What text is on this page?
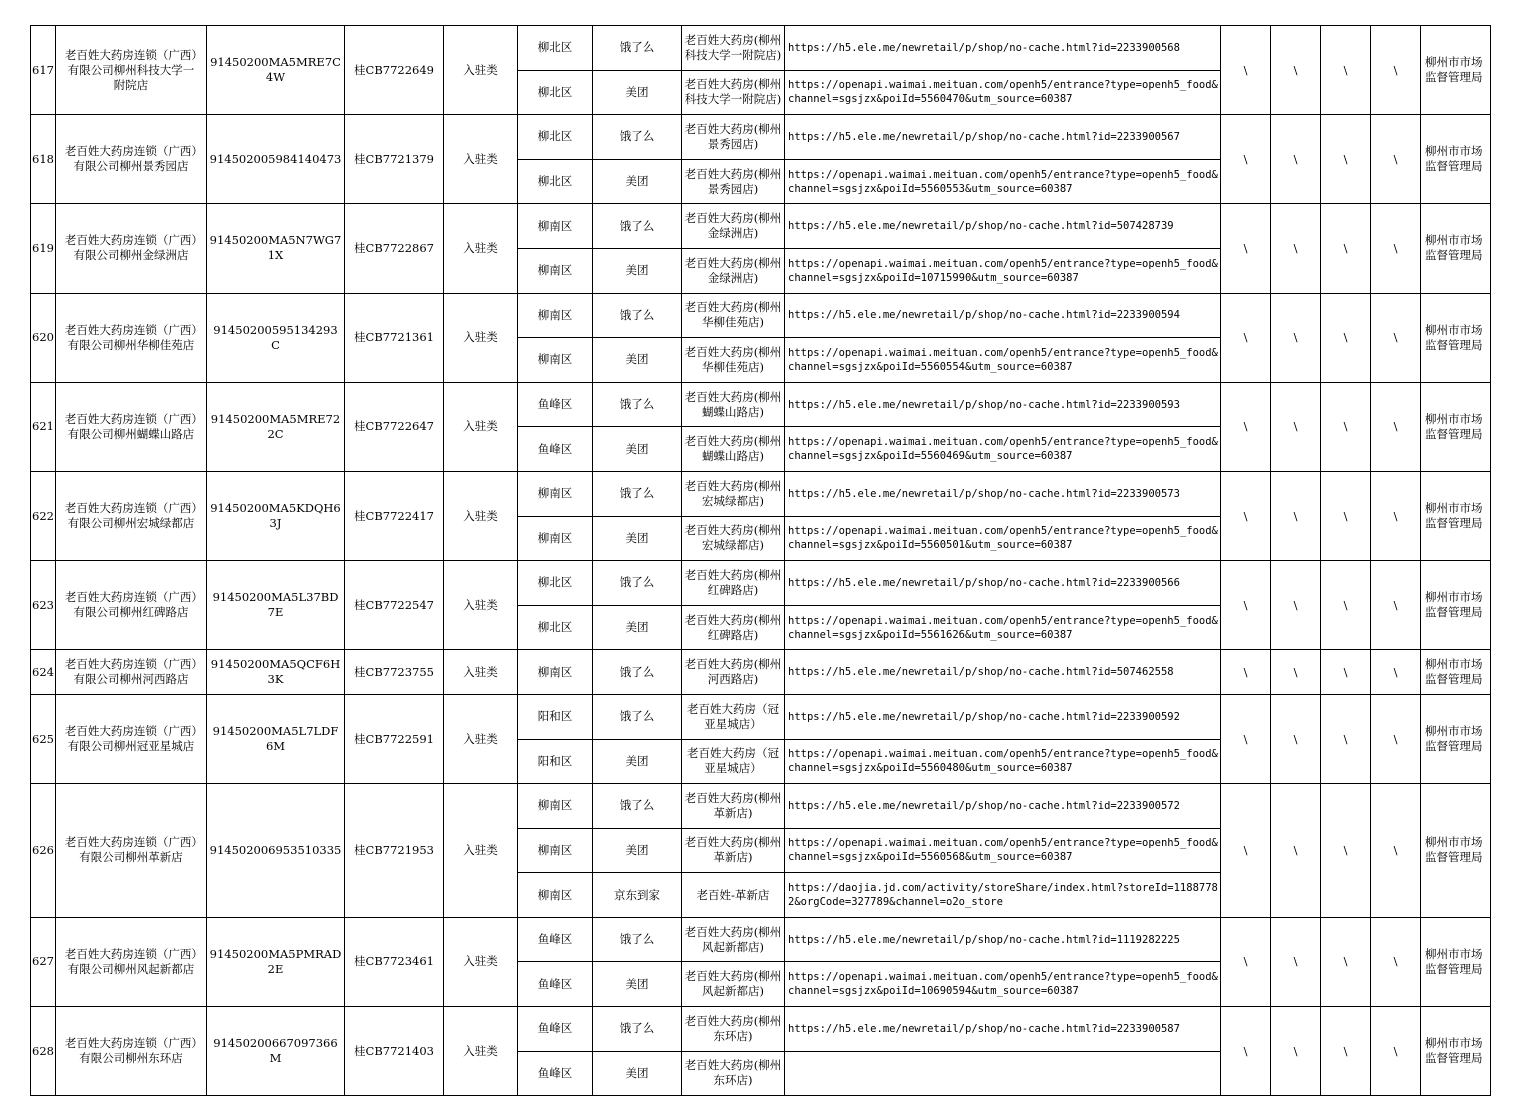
617	老百姓大药房连锁（广西）有限公司柳州科技大学一附院店	91450200MA5MRE7C4W	桂CB7722649	入驻类	柳北区	饿了么	老百姓大药房(柳州科技大学一附院店)	https://h5.ele.me/newretail/p/shop/no-cache.html?id=2233900568	\	\	\	\	柳州市市场监督管理局
					柳北区	美团	老百姓大药房(柳州科技大学一附院店)	https://openapi.waimai.meituan.com/openh5/entrance?type=openh5_food&channel=sgsjzx&poiId=5560470&utm_source=60387					
618	老百姓大药房连锁（广西）有限公司柳州景秀园店	914502005984140473	桂CB7721379	入驻类	柳北区	饿了么	老百姓大药房(柳州景秀园店)	https://h5.ele.me/newretail/p/shop/no-cache.html?id=2233900567	\	\	\	\	柳州市市场监督管理局
					柳北区	美团	老百姓大药房(柳州景秀园店)	https://openapi.waimai.meituan.com/openh5/entrance?type=openh5_food&channel=sgsjzx&poiId=5560553&utm_source=60387					
619	老百姓大药房连锁（广西）有限公司柳州金绿洲店	91450200MA5N7WG71X	桂CB7722867	入驻类	柳南区	饿了么	老百姓大药房(柳州金绿洲店)	https://h5.ele.me/newretail/p/shop/no-cache.html?id=507428739	\	\	\	\	柳州市市场监督管理局
					柳南区	美团	老百姓大药房(柳州金绿洲店)	https://openapi.waimai.meituan.com/openh5/entrance?type=openh5_food&channel=sgsjzx&poiId=10715990&utm_source=60387					
620	老百姓大药房连锁（广西）有限公司柳州华柳佳苑店	91450200595134293C	桂CB7721361	入驻类	柳南区	饿了么	老百姓大药房(柳州华柳佳苑店)	https://h5.ele.me/newretail/p/shop/no-cache.html?id=2233900594	\	\	\	\	柳州市市场监督管理局
					柳南区	美团	老百姓大药房(柳州华柳佳苑店)	https://openapi.waimai.meituan.com/openh5/entrance?type=openh5_food&channel=sgsjzx&poiId=5560554&utm_source=60387					
621	老百姓大药房连锁（广西）有限公司柳州蝴蝶山路店	91450200MA5MRE722C	桂CB7722647	入驻类	鱼峰区	饿了么	老百姓大药房(柳州蝴蝶山路店)	https://h5.ele.me/newretail/p/shop/no-cache.html?id=2233900593	\	\	\	\	柳州市市场监督管理局
					鱼峰区	美团	老百姓大药房(柳州蝴蝶山路店)	https://openapi.waimai.meituan.com/openh5/entrance?type=openh5_food&channel=sgsjzx&poiId=5560469&utm_source=60387					
622	老百姓大药房连锁（广西）有限公司柳州宏城绿都店	91450200MA5KDQH63J	桂CB7722417	入驻类	柳南区	饿了么	老百姓大药房(柳州宏城绿都店)	https://h5.ele.me/newretail/p/shop/no-cache.html?id=2233900573	\	\	\	\	柳州市市场监督管理局
					柳南区	美团	老百姓大药房(柳州宏城绿都店)	https://openapi.waimai.meituan.com/openh5/entrance?type=openh5_food&channel=sgsjzx&poiId=5560501&utm_source=60387					
623	老百姓大药房连锁（广西）有限公司柳州红碑路店	91450200MA5L37BD7E	桂CB7722547	入驻类	柳北区	饿了么	老百姓大药房(柳州红碑路店)	https://h5.ele.me/newretail/p/shop/no-cache.html?id=2233900566	\	\	\	\	柳州市市场监督管理局
					柳北区	美团	老百姓大药房(柳州红碑路店)	https://openapi.waimai.meituan.com/openh5/entrance?type=openh5_food&channel=sgsjzx&poiId=5561626&utm_source=60387					
624	老百姓大药房连锁（广西）有限公司柳州河西路店	91450200MA5QCF6H3K	桂CB7723755	入驻类	柳南区	饿了么	老百姓大药房(柳州河西路店)	https://h5.ele.me/newretail/p/shop/no-cache.html?id=507462558	\	\	\	\	柳州市市场监督管理局
625	老百姓大药房连锁（广西）有限公司柳州冠亚星城店	91450200MA5L7LDF6M	桂CB7722591	入驻类	阳和区	饿了么	老百姓大药房（冠亚星城店）	https://h5.ele.me/newretail/p/shop/no-cache.html?id=2233900592	\	\	\	\	柳州市市场监督管理局
					阳和区	美团	老百姓大药房（冠亚星城店）	https://openapi.waimai.meituan.com/openh5/entrance?type=openh5_food&channel=sgsjzx&poiId=5560480&utm_source=60387					
626	老百姓大药房连锁（广西）有限公司柳州革新店	914502006953510335	桂CB7721953	入驻类	柳南区	饿了么	老百姓大药房(柳州革新店)	https://h5.ele.me/newretail/p/shop/no-cache.html?id=2233900572	\	\	\	\	柳州市市场监督管理局
					柳南区	美团	老百姓大药房(柳州革新店)	https://openapi.waimai.meituan.com/openh5/entrance?type=openh5_food&channel=sgsjzx&poiId=5560568&utm_source=60387					
					柳南区	京东到家	老百姓-革新店	https://daojia.jd.com/activity/storeShare/index.html?storeId=11887782&orgCode=327789&channel=o2o_store					
627	老百姓大药房连锁（广西）有限公司柳州风起新都店	91450200MA5PMRAD2E	桂CB7723461	入驻类	鱼峰区	饿了么	老百姓大药房(柳州风起新都店)	https://h5.ele.me/newretail/p/shop/no-cache.html?id=1119282225	\	\	\	\	柳州市市场监督管理局
					鱼峰区	美团	老百姓大药房(柳州风起新都店)	https://openapi.waimai.meituan.com/openh5/entrance?type=openh5_food&channel=sgsjzx&poiId=10690594&utm_source=60387					
628	老百姓大药房连锁（广西）有限公司柳州东环店	91450200667097366M	桂CB7721403	入驻类	鱼峰区	饿了么	老百姓大药房(柳州东环店)	https://h5.ele.me/newretail/p/shop/no-cache.html?id=2233900587	\	\	\	\	柳州市市场监督管理局
					鱼峰区	美团	老百姓大药房(柳州东环店)						
